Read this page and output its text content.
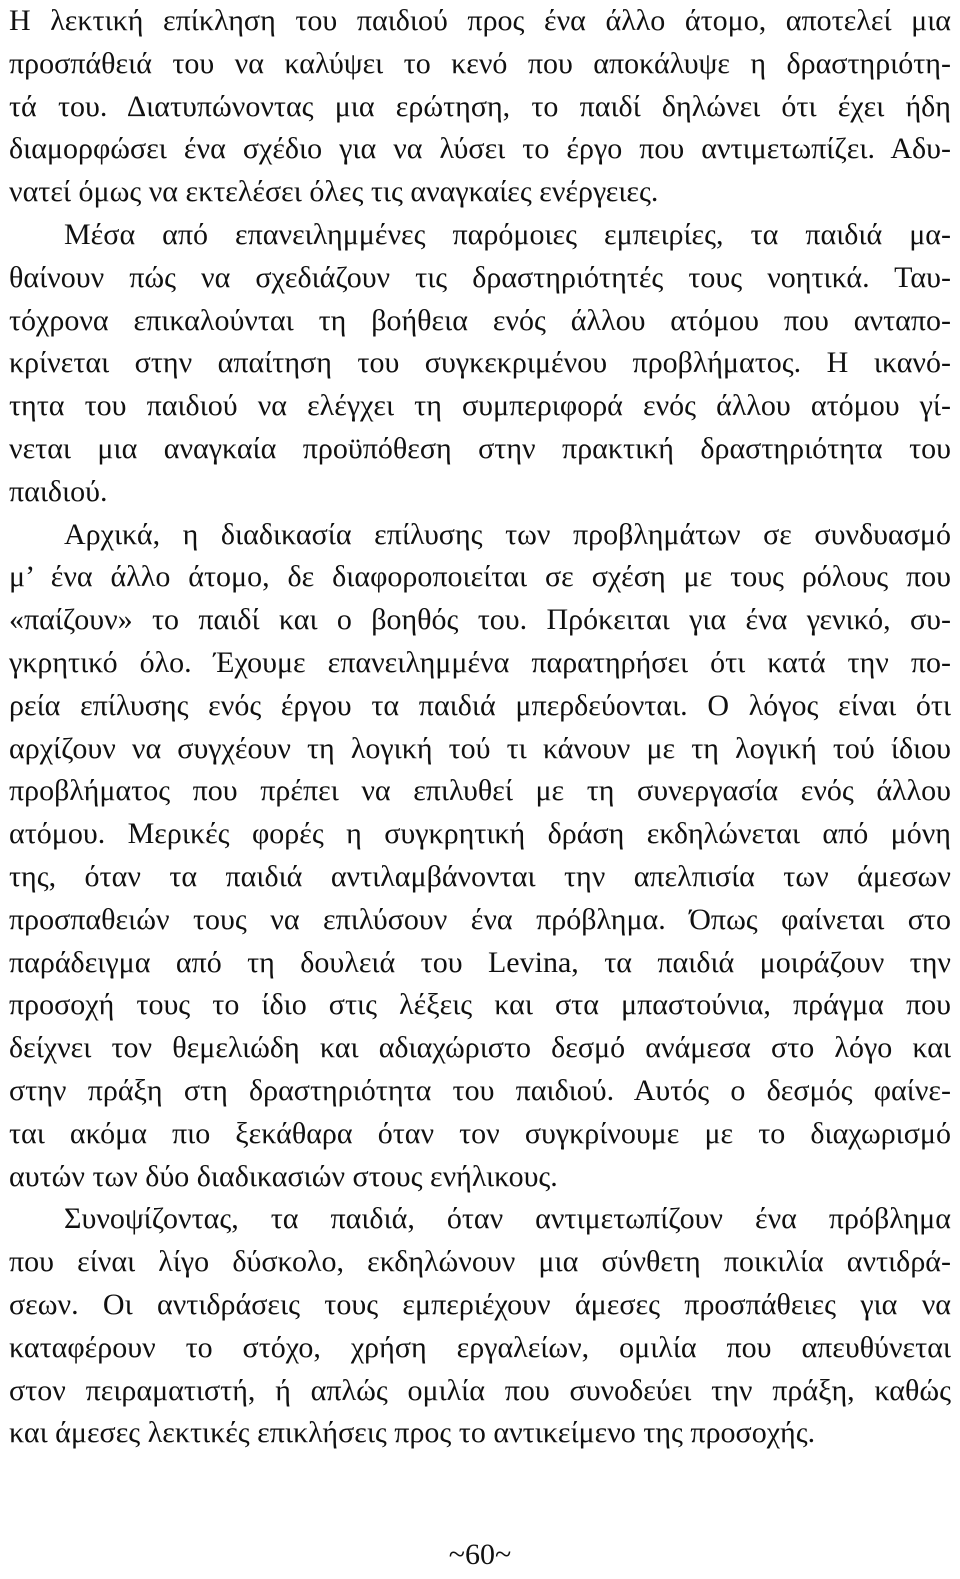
Η λεκτική επίκληση του παιδιού προς ένα άλλο άτομο, αποτελεί μια
προσπάθειά του να καλύψει το κενό που αποκάλυψε η δραστηριότη-
τά του. Διατυπώνοντας μια ερώτηση, το παιδί δηλώνει ότι έχει ήδη
διαμορφώσει ένα σχέδιο για να λύσει το έργο που αντιμετωπίζει. Αδυ-
νατεί όμως να εκτελέσει όλες τις αναγκαίες ενέργειες.
Μέσα από επανειλημμένες παρόμοιες εμπειρίες, τα παιδιά μα-
θαίνουν πώς να σχεδιάζουν τις δραστηριότητές τους νοητικά. Ταυ-
τόχρονα επικαλούνται τη βοήθεια ενός άλλου ατόμου που ανταπο-
κρίνεται στην απαίτηση του συγκεκριμένου προβλήματος. Η ικανό-
τητα του παιδιού να ελέγχει τη συμπεριφορά ενός άλλου ατόμου γί-
νεται μια αναγκαία προϋπόθεση στην πρακτική δραστηριότητα του
παιδιού.
Αρχικά, η διαδικασία επίλυσης των προβλημάτων σε συνδυασμό
μ’ ένα άλλο άτομο, δε διαφοροποιείται σε σχέση με τους ρόλους που
«παίζουν» το παιδί και ο βοηθός του. Πρόκειται για ένα γενικό, συ-
γκρητικό όλο. Έχουμε επανειλημμένα παρατηρήσει ότι κατά την πο-
ρεία επίλυσης ενός έργου τα παιδιά μπερδεύονται. Ο λόγος είναι ότι
αρχίζουν να συγχέουν τη λογική τού τι κάνουν με τη λογική τού ίδιου
προβλήματος που πρέπει να επιλυθεί με τη συνεργασία ενός άλλου
ατόμου. Μερικές φορές η συγκρητική δράση εκδηλώνεται από μόνη
της, όταν τα παιδιά αντιλαμβάνονται την απελπισία των άμεσων
προσπαθειών τους να επιλύσουν ένα πρόβλημα. Όπως φαίνεται στο
παράδειγμα από τη δουλειά του Levina, τα παιδιά μοιράζουν την
προσοχή τους το ίδιο στις λέξεις και στα μπαστούνια, πράγμα που
δείχνει τον θεμελιώδη και αδιαχώριστο δεσμό ανάμεσα στο λόγο και
στην πράξη στη δραστηριότητα του παιδιού. Αυτός ο δεσμός φαίνε-
ται ακόμα πιο ξεκάθαρα όταν τον συγκρίνουμε με το διαχωρισμό
αυτών των δύο διαδικασιών στους ενήλικους.
Συνοψίζοντας, τα παιδιά, όταν αντιμετωπίζουν ένα πρόβλημα
που είναι λίγο δύσκολο, εκδηλώνουν μια σύνθετη ποικιλία αντιδρά-
σεων. Οι αντιδράσεις τους εμπεριέχουν άμεσες προσπάθειες για να
καταφέρουν το στόχο, χρήση εργαλείων, ομιλία που απευθύνεται
στον πειραματιστή, ή απλώς ομιλία που συνοδεύει την πράξη, καθώς
και άμεσες λεκτικές επικλήσεις προς το αντικείμενο της προσοχής.
~60~
